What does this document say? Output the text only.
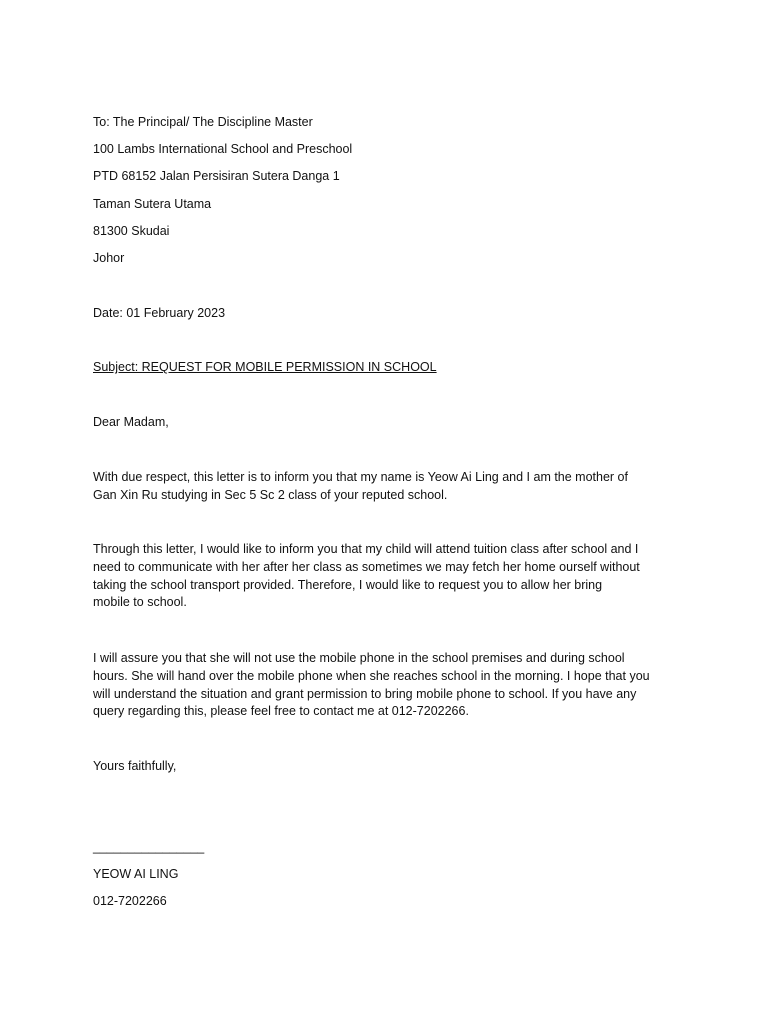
To: The Principal/ The Discipline Master
100 Lambs International School and Preschool
PTD 68152 Jalan Persisiran Sutera Danga 1
Taman Sutera Utama
81300 Skudai
Johor
Date: 01 February 2023
Subject: REQUEST FOR MOBILE PERMISSION IN SCHOOL
Dear Madam,
With due respect, this letter is to inform you that my name is Yeow Ai Ling and I am the mother of
Gan Xin Ru studying in Sec 5 Sc 2 class of your reputed school.
Through this letter, I would like to inform you that my child will attend tuition class after school and I
need to communicate with her after her class as sometimes we may fetch her home ourself without
taking the school transport provided. Therefore, I would like to request you to allow her bring
mobile to school.
I will assure you that she will not use the mobile phone in the school premises and during school
hours. She will hand over the mobile phone when she reaches school in the morning. I hope that you
will understand the situation and grant permission to bring mobile phone to school. If you have any
query regarding this, please feel free to contact me at 012-7202266.
Yours faithfully,
________________
YEOW AI LING
012-7202266
